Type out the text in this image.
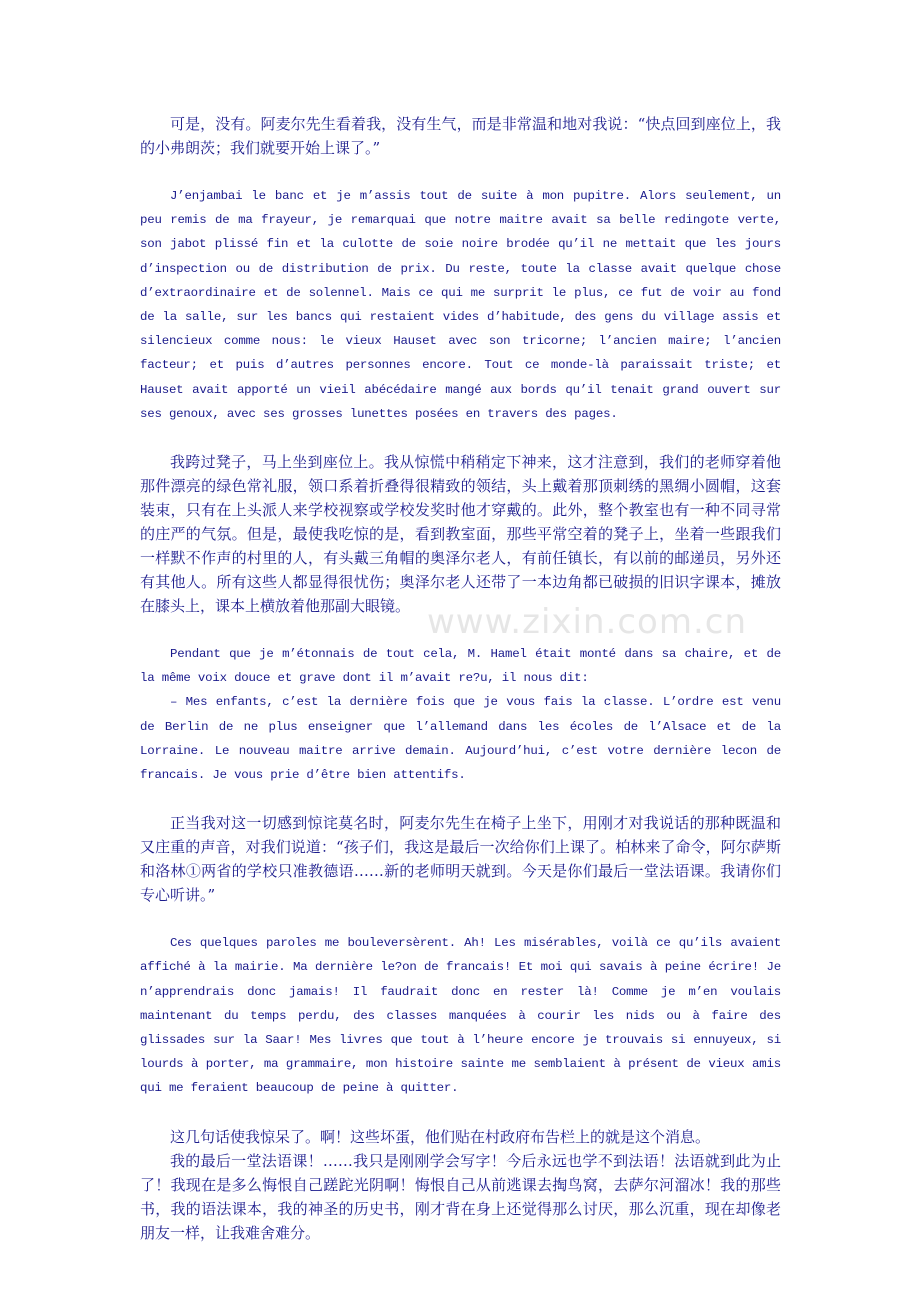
可是，没有。阿麦尔先生看着我，没有生气，而是非常温和地对我说：“快点回到座位上，我的小弗朗茨；我们就要开始上课了。”

J’enjambai le banc et je m’assis tout de suite à mon pupitre. Alors seulement, un peu remis de ma frayeur, je remarquai que notre maitre avait sa belle redingote verte, son jabot plissé fin et la culotte de soie noire brodée qu’il ne mettait que les jours d’inspection ou de distribution de prix. Du reste, toute la classe avait quelque chose d’extraordinaire et de solennel. Mais ce qui me surprit le plus, ce fut de voir au fond de la salle, sur les bancs qui restaient vides d’habitude, des gens du village assis et silencieux comme nous: le vieux Hauset avec son tricorne; l’ancien maire; l’ancien facteur; et puis d’autres personnes encore. Tout ce monde-là paraissait triste; et Hauset avait apporté un vieil abécédaire mangé aux bords qu’il tenait grand ouvert sur ses genoux, avec ses grosses lunettes posées en travers des pages.

我跨过凳子，马上坐到座位上。我从惊慌中稍稍定下神来，这才注意到，我们的老师穿着他那件漂亮的绿色常礼服，领口系着折叠得很精致的领结，头上戴着那顶刺绣的黑绸小圆帽，这套装束，只有在上头派人来学校视察或学校发奖时他才穿戴的。此外，整个教室也有一种不同寻常的庄严的气氛。但是，最使我吃惊的是，看到教室面，那些平常空着的凳子上，坐着一些跟我们一样默不作声的村里的人，有头戴三角帽的奥泽尔老人，有前任镇长，有以前的邮递员，另外还有其他人。所有这些人都显得很忧伤；奥泽尔老人还带了一本边角都已破损的旧识字课本，摊放在膝头上，课本上横放着他那副大眼镜。

Pendant que je m’étonnais de tout cela, M. Hamel était monté dans sa chaire, et de la même voix douce et grave dont il m’avait re?u, il nous dit:

– Mes enfants, c’est la dernière fois que je vous fais la classe. L’ordre est venu de Berlin de ne plus enseigner que l’allemand dans les écoles de l’Alsace et de la Lorraine. Le nouveau maitre arrive demain. Aujourd’hui, c’est votre dernière lecon de francais. Je vous prie d’être bien attentifs.

正当我对这一切感到惊诧莫名时，阿麦尔先生在椅子上坐下，用刚才对我说话的那种既温和又庄重的声音，对我们说道：“孩子们，我这是最后一次给你们上课了。柏林来了命令，阿尔萨斯和洛林①两省的学校只准教德语……新的老师明天就到。今天是你们最后一堂法语课。我请你们专心听讲。”

Ces quelques paroles me bouleversèrent. Ah! Les misérables, voilà ce qu’ils avaient affiché à la mairie. Ma dernière le?on de francais! Et moi qui savais à peine écrire! Je n’apprendrais donc jamais! Il faudrait donc en rester là! Comme je m’en voulais maintenant du temps perdu, des classes manquées à courir les nids ou à faire des glissades sur la Saar! Mes livres que tout à l’heure encore je trouvais si ennuyeux, si lourds à porter, ma grammaire, mon histoire sainte me semblaient à présent de vieux amis qui me feraient beaucoup de peine à quitter.

这几句话使我惊呆了。啊！这些坏蛋，他们贴在村政府布告栏上的就是这个消息。

我的最后一堂法语课！……我只是刚刚学会写字！今后永远也学不到法语！法语就到此为止了！我现在是多么悔恨自己蹉跎光阴啊！悔恨自己从前逃课去掏鸟窝，去萨尔河溜冰！我的那些书，我的语法课本，我的神圣的历史书，刚才背在身上还觉得那么讨厌，那么沉重，现在却像老朋友一样，让我难舍难分。

www.zixin.com.cn
